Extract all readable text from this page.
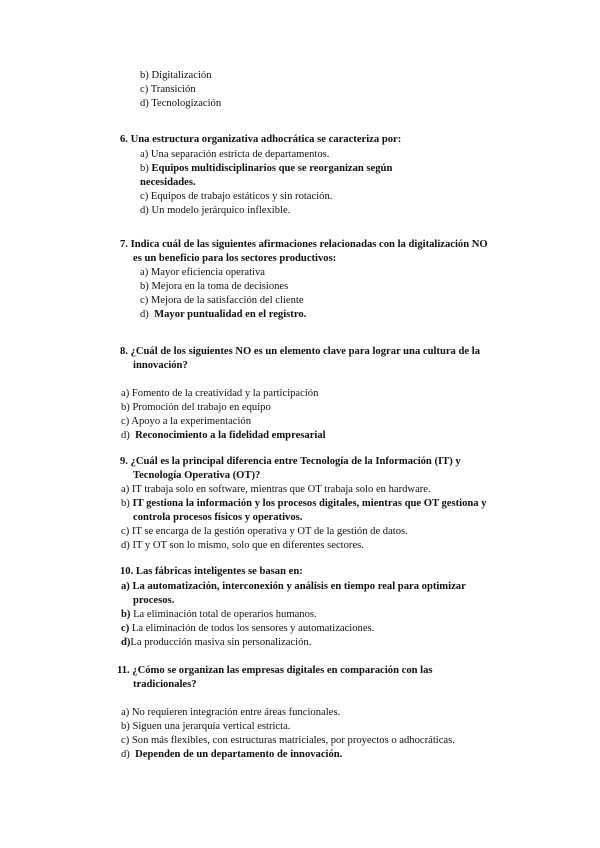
b) Digitalización
c) Transición
d) Tecnologización
6. Una estructura organizativa adhocrática se caracteriza por:
a) Una separación estricta de departamentos.
b) Equipos multidisciplinarios que se reorganizan según
necesidades.
c) Equipos de trabajo estáticos y sin rotación.
d) Un modelo jerárquico inflexible.
7. Indica cuál de las siguientes afirmaciones relacionadas con la digitalización NO
es un beneficio para los sectores productivos:
a) Mayor eficiencia operativa
b) Mejora en la toma de decisiones
c) Mejora de la satisfacción del cliente
d) Mayor puntualidad en el registro.
8. ¿Cuál de los siguientes NO es un elemento clave para lograr una cultura de la
innovación?
a) Fomento de la creatividad y la participación
b) Promoción del trabajo en equipo
c) Apoyo a la experimentación
d) Reconocimiento a la fidelidad empresarial
9. ¿Cuál es la principal diferencia entre Tecnología de la Información (IT) y
Tecnología Operativa (OT)?
a) IT trabaja solo en software, mientras que OT trabaja solo en hardware.
b) IT gestiona la información y los procesos digitales, mientras que OT gestiona y
controla procesos físicos y operativos.
c) IT se encarga de la gestión operativa y OT de la gestión de datos.
d) IT y OT son lo mismo, solo que en diferentes sectores.
10. Las fábricas inteligentes se basan en:
a) La automatización, interconexión y análisis en tiempo real para optimizar
procesos.
b) La eliminación total de operarios humanos.
c) La eliminación de todos los sensores y automatizaciones.
d)La producción masiva sin personalización.
11. ¿Cómo se organizan las empresas digitales en comparación con las
tradicionales?
a) No requieren integración entre áreas funcionales.
b) Siguen una jerarquía vertical estricta.
c) Son más flexibles, con estructuras matriciales, por proyectos o adhocráticas.
d) Dependen de un departamento de innovación.
